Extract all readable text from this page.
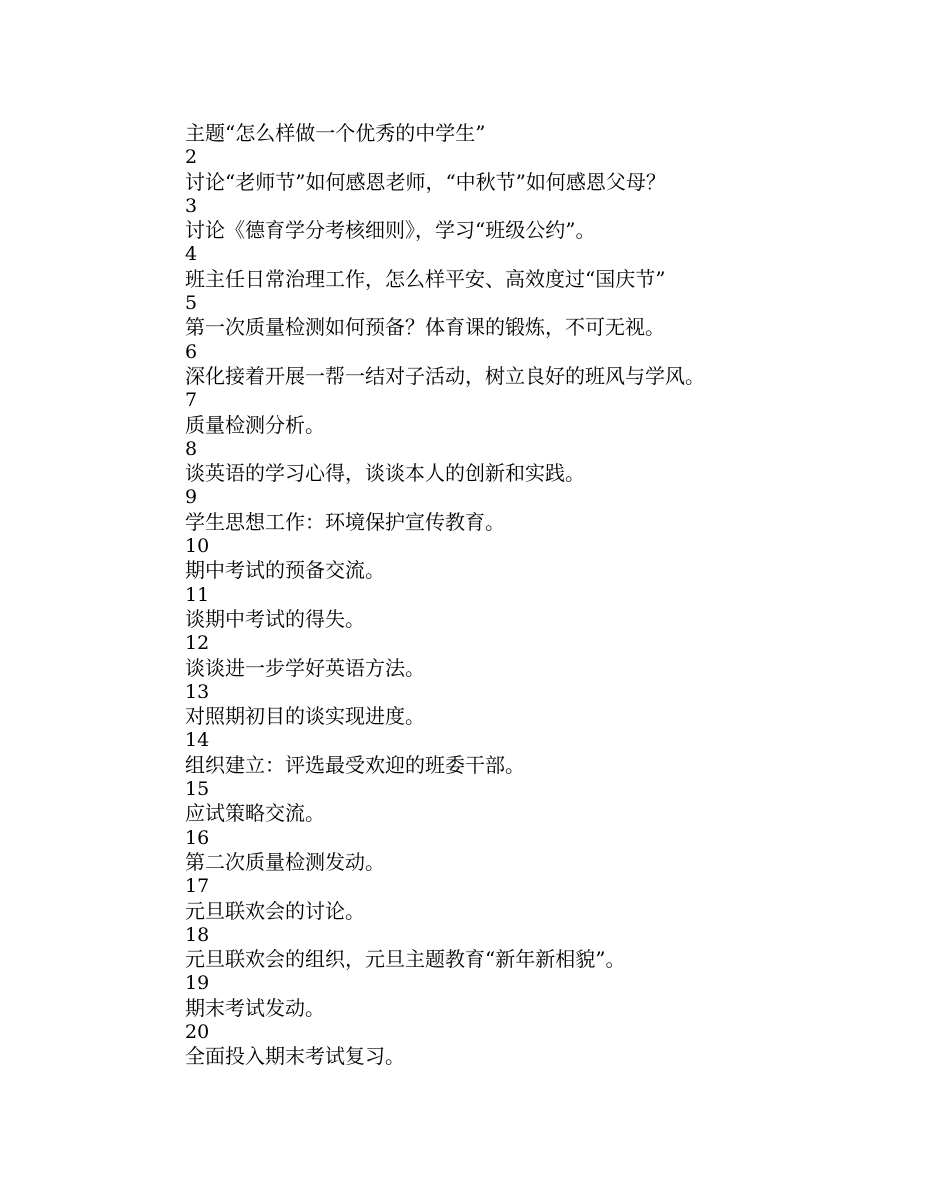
主题“怎么样做一个优秀的中学生”
2
讨论“老师节”如何感恩老师，“中秋节”如何感恩父母？
3
讨论《德育学分考核细则》，学习“班级公约”。
4
班主任日常治理工作，怎么样平安、高效度过“国庆节”
5
第一次质量检测如何预备？体育课的锻炼，不可无视。
6
深化接着开展一帮一结对子活动，树立良好的班风与学风。
7
质量检测分析。
8
谈英语的学习心得，谈谈本人的创新和实践。
9
学生思想工作：环境保护宣传教育。
10
期中考试的预备交流。
11
谈期中考试的得失。
12
谈谈进一步学好英语方法。
13
对照期初目的谈实现进度。
14
组织建立：评选最受欢迎的班委干部。
15
应试策略交流。
16
第二次质量检测发动。
17
元旦联欢会的讨论。
18
元旦联欢会的组织，元旦主题教育“新年新相貌”。
19
期末考试发动。
20
全面投入期末考试复习。
